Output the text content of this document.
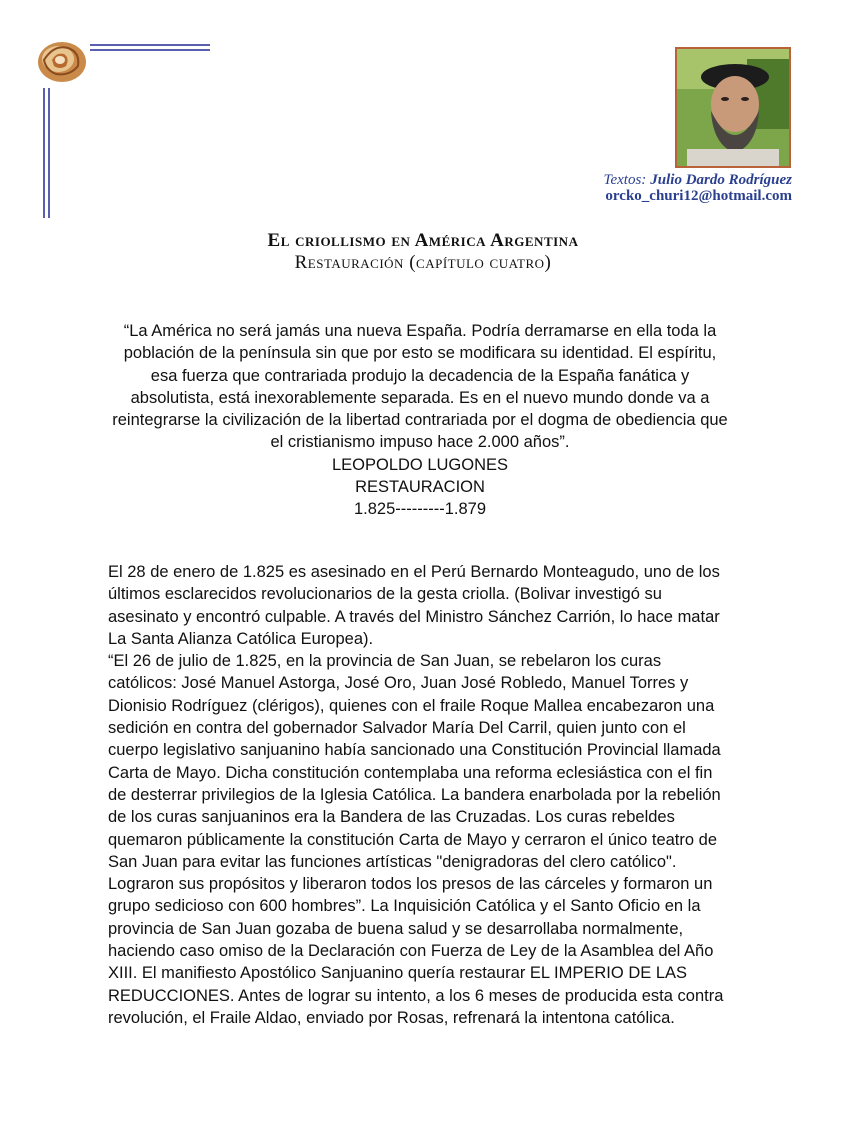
Textos: Julio Dardo Rodríguez
orcko_churi12@hotmail.com
El criollismo en América Argentina
Restauración (capítulo cuatro)

“La América no será jamás una nueva España. Podría derramarse en ella toda la población de la península sin que por esto se modificara su identidad. El espíritu, esa fuerza que contrariada produjo la decadencia de la España fanática y absolutista, está inexorablemente separada. Es en el nuevo mundo donde va a reintegrarse la civilización de la libertad contrariada por el dogma de obediencia que el cristianismo impuso hace 2.000 años”.

LEOPOLDO LUGONES

RESTAURACION

1.825---------1.879

El 28 de enero de 1.825 es asesinado en el Perú Bernardo Monteagudo, uno de los últimos esclarecidos revolucionarios de la gesta criolla. (Bolivar investigó su asesinato y encontró culpable. A través del Ministro Sánchez Carrión, lo hace matar La Santa Alianza Católica Europea).

“El 26 de julio de 1.825, en la provincia de San Juan, se rebelaron los curas católicos: José Manuel Astorga, José Oro, Juan José Robledo, Manuel Torres y Dionisio Rodríguez (clérigos), quienes con el fraile Roque Mallea encabezaron una sedición en contra del gobernador Salvador María Del Carril, quien junto con el cuerpo legislativo sanjuanino había sancionado una Constitución Provincial llamada Carta de Mayo. Dicha constitución contemplaba una reforma eclesiástica con el fin de desterrar privilegios de la Iglesia Católica. La bandera enarbolada por la rebelión de los curas sanjuaninos era la Bandera de las Cruzadas. Los curas rebeldes quemaron públicamente la constitución Carta de Mayo y cerraron el único teatro de San Juan para evitar las funciones artísticas "denigradoras del clero católico". Lograron sus propósitos y liberaron todos los presos de las cárceles y formaron un grupo sedicioso con 600 hombres”. La Inquisición Católica y el Santo Oficio en la provincia de San Juan gozaba de buena salud y se desarrollaba normalmente, haciendo caso omiso de la Declaración con Fuerza de Ley de la Asamblea del Año XIII. El manifiesto Apostólico Sanjuanino quería restaurar EL IMPERIO DE LAS REDUCCIONES. Antes de lograr su intento, a los 6 meses de producida esta contra revolución, el Fraile Aldao, enviado por Rosas, refrenará la intentona católica.
